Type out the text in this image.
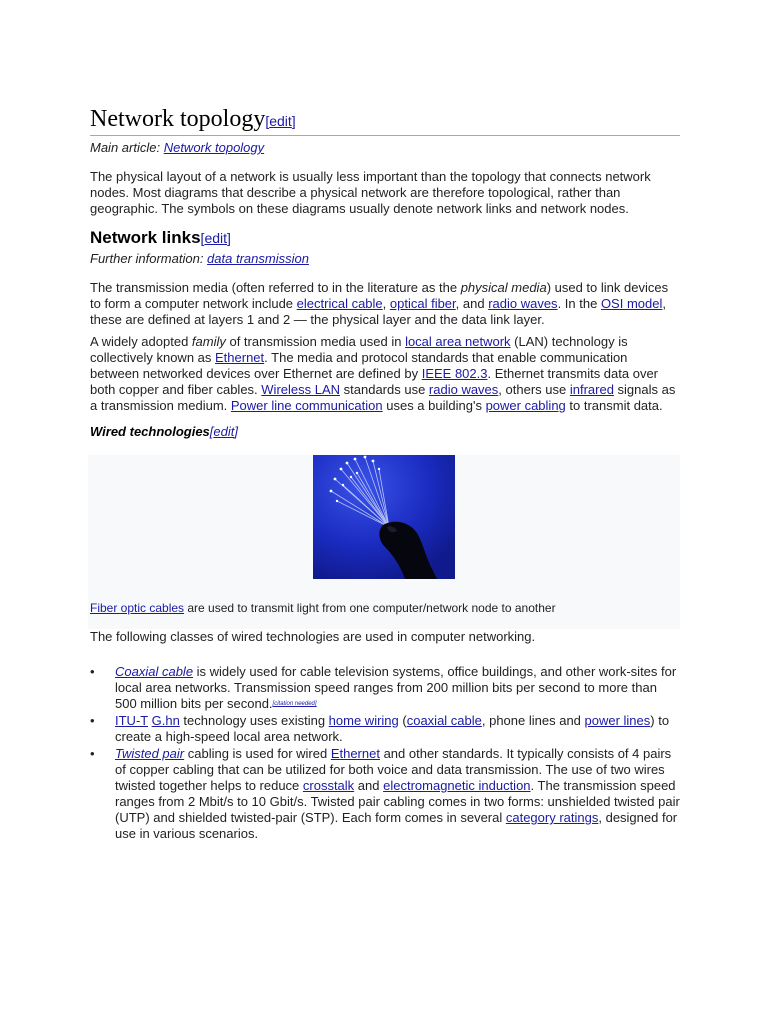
Network topology[edit]
Main article: Network topology

The physical layout of a network is usually less important than the topology that connects network nodes. Most diagrams that describe a physical network are therefore topological, rather than geographic. The symbols on these diagrams usually denote network links and network nodes.

Network links[edit]
Further information: data transmission

The transmission media (often referred to in the literature as the physical media) used to link devices to form a computer network include electrical cable, optical fiber, and radio waves. In the OSI model, these are defined at layers 1 and 2 — the physical layer and the data link layer.

A widely adopted family of transmission media used in local area network (LAN) technology is collectively known as Ethernet. The media and protocol standards that enable communication between networked devices over Ethernet are defined by IEEE 802.3. Ethernet transmits data over both copper and fiber cables. Wireless LAN standards use radio waves, others use infrared signals as a transmission medium. Power line communication uses a building's power cabling to transmit data.

Wired technologies[edit]
Fiber optic cables are used to transmit light from one computer/network node to another

The following classes of wired technologies are used in computer networking.

• Coaxial cable is widely used for cable television systems, office buildings, and other work-sites for local area networks. Transmission speed ranges from 200 million bits per second to more than 500 million bits per second.[citation needed]
• ITU-T G.hn technology uses existing home wiring (coaxial cable, phone lines and power lines) to create a high-speed local area network.
• Twisted pair cabling is used for wired Ethernet and other standards. It typically consists of 4 pairs of copper cabling that can be utilized for both voice and data transmission. The use of two wires twisted together helps to reduce crosstalk and electromagnetic induction. The transmission speed ranges from 2 Mbit/s to 10 Gbit/s. Twisted pair cabling comes in two forms: unshielded twisted pair (UTP) and shielded twisted-pair (STP). Each form comes in several category ratings, designed for use in various scenarios.
